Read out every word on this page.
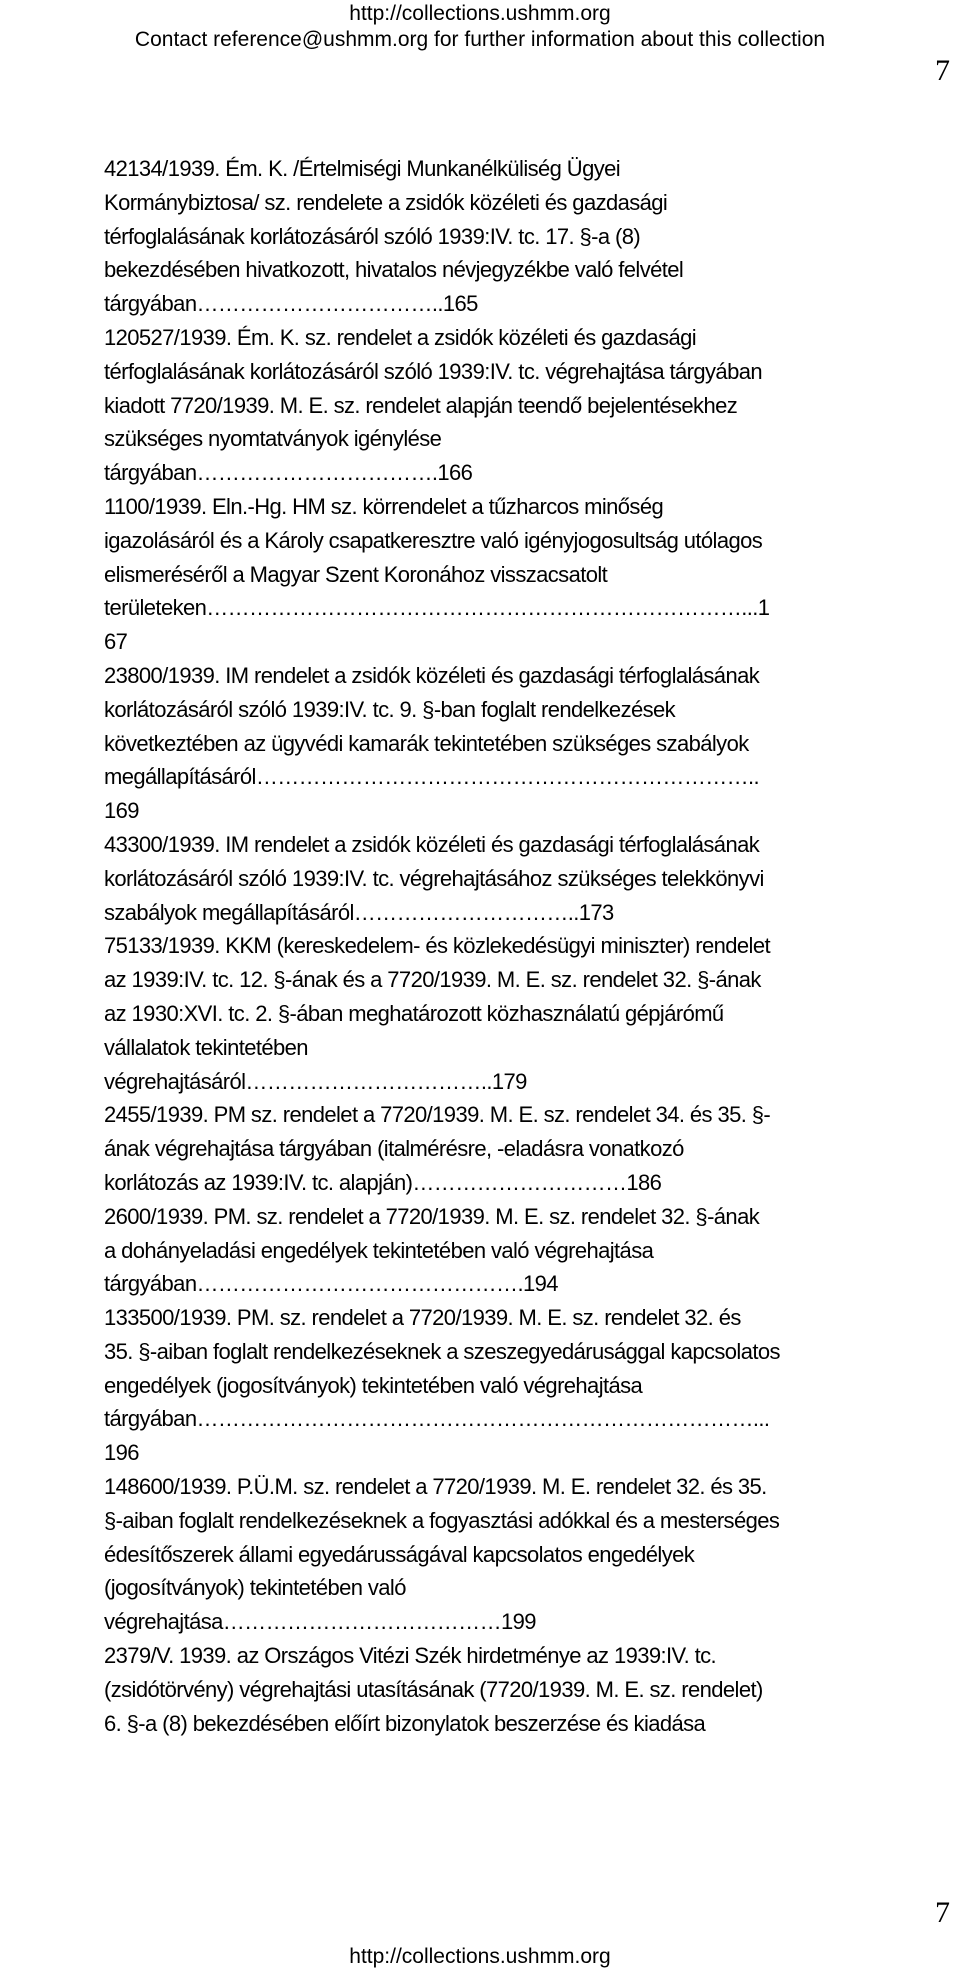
http://collections.ushmm.org
Contact reference@ushmm.org for further information about this collection
7
42134/1939. Ém. K. /Értelmiségi Munkanélküliség Ügyei
Kormánybiztosa/ sz. rendelete a zsidók közéleti és gazdasági
térfoglalásának korlátozásáról szóló 1939:IV. tc. 17. §-a (8)
bekezdésében hivatkozott, hivatalos névjegyzékbe való felvétel
tárgyában……………………………..165
120527/1939. Ém. K. sz. rendelet a zsidók közéleti és gazdasági
térfoglalásának korlátozásáról szóló 1939:IV. tc. végrehajtása tárgyában
kiadott 7720/1939. M. E. sz. rendelet alapján teendő bejelentésekhez
szükséges nyomtatványok igénylése
tárgyában…………………………….166
1100/1939. Eln.-Hg. HM sz. körrendelet a tűzharcos minőség
igazolásáról és a Károly csapatkeresztre való igényjogosultság utólagos
elismeréséről a Magyar Szent Koronához visszacsatolt
területeken…………………………………………………………………...1
67
23800/1939. IM rendelet a zsidók közéleti és gazdasági térfoglalásának
korlátozásáról szóló 1939:IV. tc. 9. §-ban foglalt rendelkezések
következtében az ügyvédi kamarák tekintetében szükséges szabályok
megállapításáról……………………………………………………………..
169
43300/1939. IM rendelet a zsidók közéleti és gazdasági térfoglalásának
korlátozásáról szóló 1939:IV. tc. végrehajtásához szükséges telekkönyvi
szabályok megállapításáról…………………………..173
75133/1939. KKM (kereskedelem- és közlekedésügyi miniszter) rendelet
az 1939:IV. tc. 12. §-ának és a 7720/1939. M. E. sz. rendelet 32. §-ának
az 1930:XVI. tc. 2. §-ában meghatározott közhasználatú gépjárómű
vállalatok tekintetében
végrehajtásáról……………………………..179
2455/1939. PM sz. rendelet a 7720/1939. M. E. sz. rendelet 34. és 35. §-
ának végrehajtása tárgyában (italmérésre, -eladásra vonatkozó
korlátozás az 1939:IV. tc. alapján)…………………………186
2600/1939. PM. sz. rendelet a 7720/1939. M. E. sz. rendelet 32. §-ának
a dohányeladási engedélyek tekintetében való végrehajtása
tárgyában……………………………………….194
133500/1939. PM. sz. rendelet a 7720/1939. M. E. sz. rendelet 32. és
35. §-aiban foglalt rendelkezéseknek a szeszegyedárusággal kapcsolatos
engedélyek (jogosítványok) tekintetében való végrehajtása
tárgyában……………………………………………………………………...
196
148600/1939. P.Ü.M. sz. rendelet a 7720/1939. M. E. rendelet 32. és 35.
§-aiban foglalt rendelkezéseknek a fogyasztási adókkal és a mesterséges
édesítőszerek állami egyedárusságával kapcsolatos engedélyek
(jogosítványok) tekintetében való
végrehajtása…………………………………199
2379/V. 1939. az Országos Vitézi Szék hirdetménye az 1939:IV. tc.
(zsidótörvény) végrehajtási utasításának (7720/1939. M. E. sz. rendelet)
6. §-a (8) bekezdésében előírt bizonylatok beszerzése és kiadása
7
http://collections.ushmm.org
